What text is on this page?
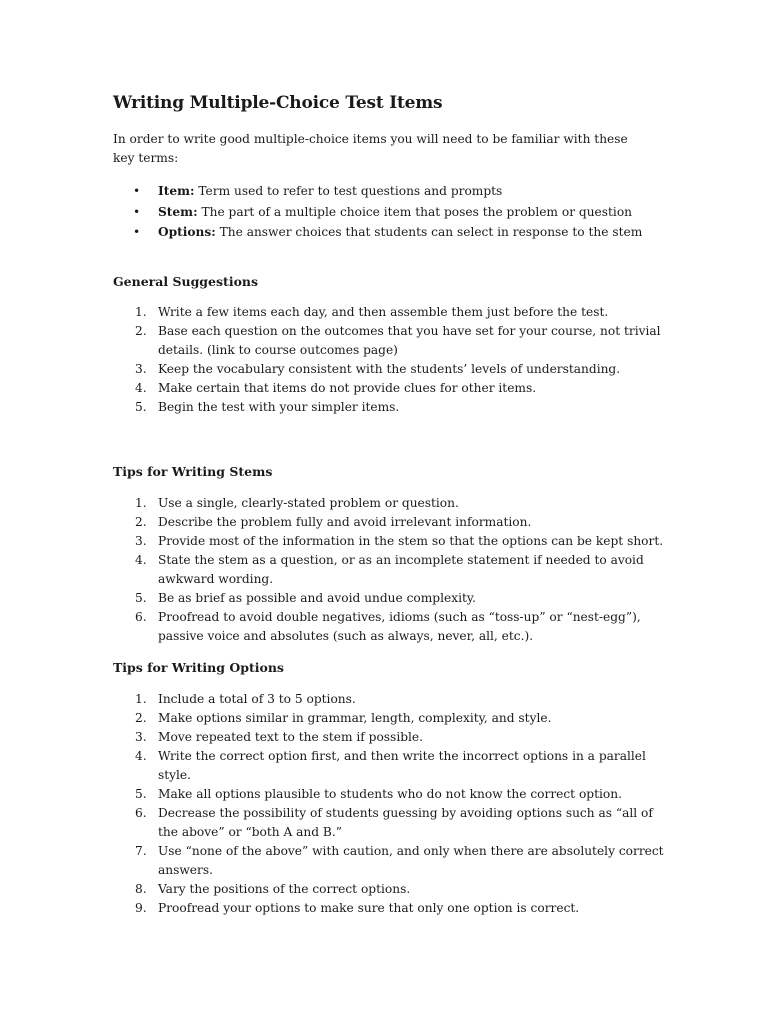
Writing Multiple-Choice Test Items

In order to write good multiple-choice items you will need to be familiar with these key terms:

• Item: Term used to refer to test questions and prompts
• Stem: The part of a multiple choice item that poses the problem or question
• Options: The answer choices that students can select in response to the stem
General Suggestions
1. Write a few items each day, and then assemble them just before the test.
2. Base each question on the outcomes that you have set for your course, not trivial details. (link to course outcomes page)
3. Keep the vocabulary consistent with the students’ levels of understanding.
4. Make certain that items do not provide clues for other items.
5. Begin the test with your simpler items.
Tips for Writing Stems
1. Use a single, clearly-stated problem or question.
2. Describe the problem fully and avoid irrelevant information.
3. Provide most of the information in the stem so that the options can be kept short.
4. State the stem as a question, or as an incomplete statement if needed to avoid awkward wording.
5. Be as brief as possible and avoid undue complexity.
6. Proofread to avoid double negatives, idioms (such as “toss-up” or “nest-egg”), passive voice and absolutes (such as always, never, all, etc.).
Tips for Writing Options
1. Include a total of 3 to 5 options.
2. Make options similar in grammar, length, complexity, and style.
3. Move repeated text to the stem if possible.
4. Write the correct option first, and then write the incorrect options in a parallel style.
5. Make all options plausible to students who do not know the correct option.
6. Decrease the possibility of students guessing by avoiding options such as “all of the above” or “both A and B.”
7. Use “none of the above” with caution, and only when there are absolutely correct answers.
8. Vary the positions of the correct options.
9. Proofread your options to make sure that only one option is correct.
